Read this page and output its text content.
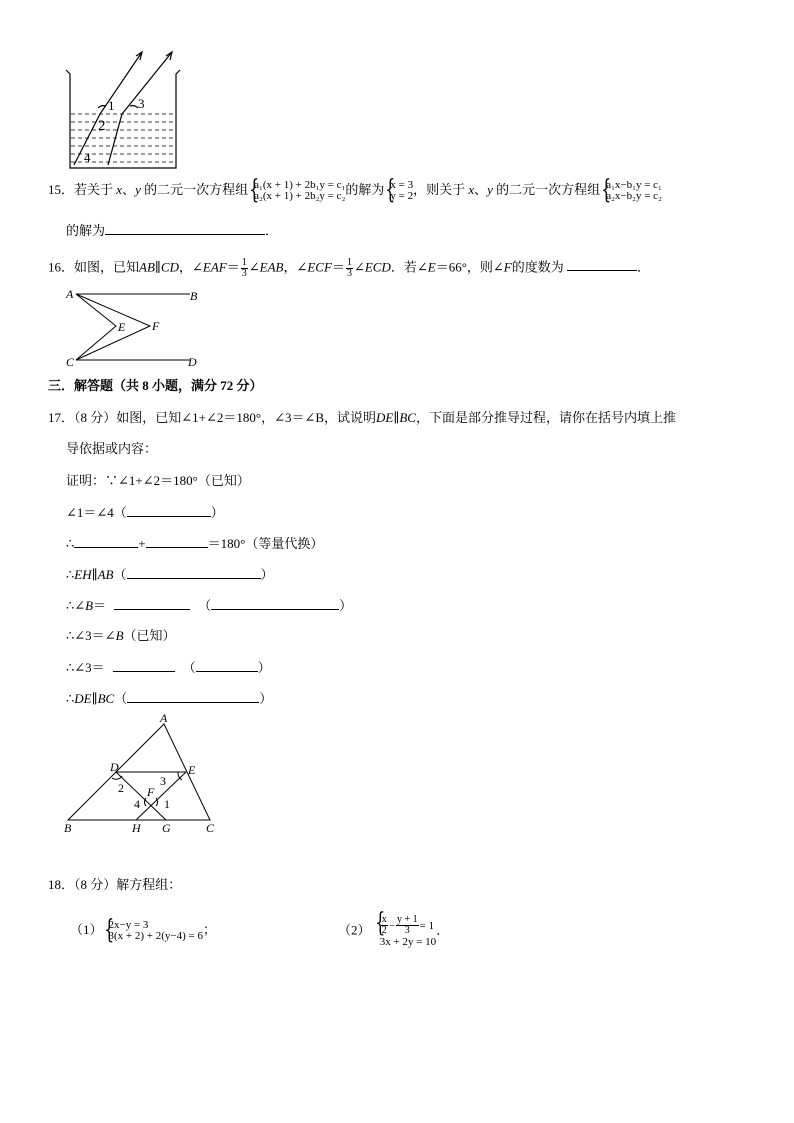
1 3
2
4
15．若关于 x、y 的二元一次方程组 { a₁(x + 1) + 2b₁y = c₁
a₂(x + 1) + 2b₂y = c₂的解为 { x = 3
y = 2，则关于 x、y 的二元一次方程组 { a₁x−b₁y = c₁
a₂x−b₂y = c₂
的解为	．
16．如图，已知AB∥CD，∠EAF＝ $\frac{1}{3}$ ∠EAB，∠ECF＝ $\frac{1}{3}$ ∠ECD．若∠E＝66°，则∠F的度数为	．
A	B
E F
C	D
三．解答题（共 8 小题，满分 72 分）
17．（8 分）如图，已知∠1+∠2＝180°，∠3＝∠B，试说明DE∥BC，下面是部分推导过程，请你在括号内填上推
导依据或内容：
证明：∵∠1+∠2＝180°（已知）
∠1＝∠4（	）
∴	+	＝180°（等量代换）
∴EH∥AB（	）
∴∠B＝	（	）
∴∠3＝∠B（已知）
∴∠3＝	（	）
∴DE∥BC（	）
A
D	E
2	3
F
4 1
B	H G	C
18．（8 分）解方程组：
（1） { 2x−y = 3
3(x + 2) + 2(y−4) = 6；	（2） { $\frac{x}{2} - \frac{y + 1}{3} = 1$

3x + 2y = 10．
